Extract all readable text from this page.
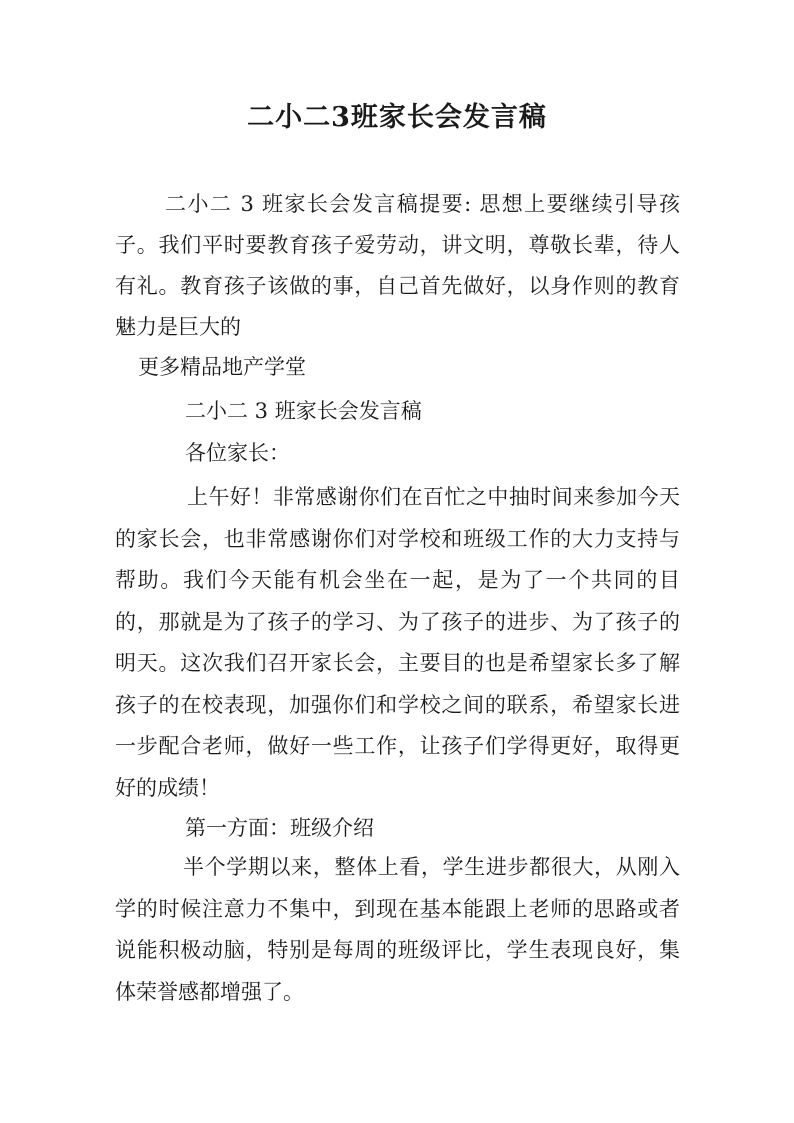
二小二3班家长会发言稿
二小二 3 班家长会发言稿提要: 思想上要继续引导孩子。我们平时要教育孩子爱劳动，讲文明，尊敬长辈，待人有礼。教育孩子该做的事，自己首先做好，以身作则的教育魅力是巨大的
更多精品地产学堂
二小二 3 班家长会发言稿
各位家长：
上午好！非常感谢你们在百忙之中抽时间来参加今天的家长会，也非常感谢你们对学校和班级工作的大力支持与帮助。我们今天能有机会坐在一起，是为了一个共同的目的，那就是为了孩子的学习、为了孩子的进步、为了孩子的明天。这次我们召开家长会，主要目的也是希望家长多了解孩子的在校表现，加强你们和学校之间的联系，希望家长进一步配合老师，做好一些工作，让孩子们学得更好，取得更好的成绩！
第一方面：班级介绍
半个学期以来，整体上看，学生进步都很大，从刚入学的时候注意力不集中，到现在基本能跟上老师的思路或者说能积极动脑，特别是每周的班级评比，学生表现良好，集体荣誉感都增强了。
